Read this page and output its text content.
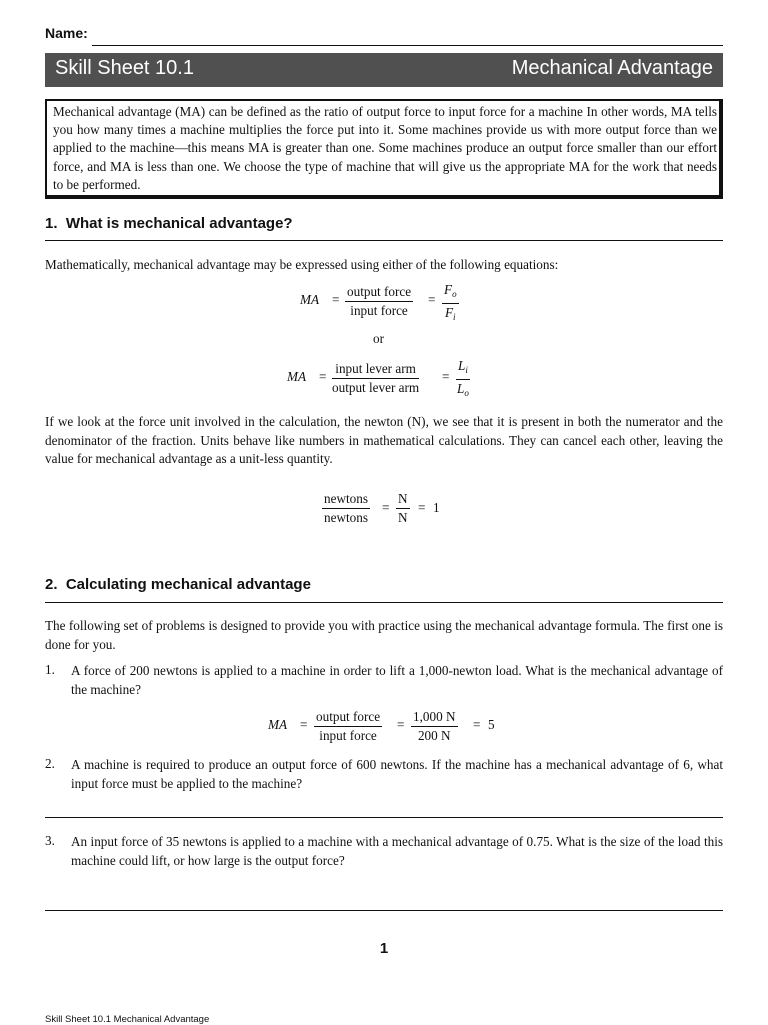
Name:
Skill Sheet 10.1	Mechanical Advantage
Mechanical advantage (MA) can be defined as the ratio of output force to input force for a machine In other words, MA tells you how many times a machine multiplies the force put into it. Some machines provide us with more output force than we applied to the machine—this means MA is greater than one. Some machines produce an output force smaller than our effort force, and MA is less than one. We choose the type of machine that will give us the appropriate MA for the work that needs to be performed.
1.  What is mechanical advantage?
Mathematically, mechanical advantage may be expressed using either of the following equations:
MA =
output force
input force
= $\frac{F_o}{F_i}$
or
MA =
input lever arm
output lever arm
= $\frac{L_i}{L_o}$
If we look at the force unit involved in the calculation, the newton (N), we see that it is present in both the numerator and the denominator of the fraction. Units behave like numbers in mathematical calculations. They can cancel each other, leaving the value for mechanical advantage as a unit-less quantity.
newtons
newtons
= $\frac{N}{N} = 1$
2.  Calculating mechanical advantage
The following set of problems is designed to provide you with practice using the mechanical advantage formula. The first one is done for you.
1. A force of 200 newtons is applied to a machine in order to lift a 1,000-newton load. What is the mechanical advantage of the machine?
MA =
output force
input force
= $\frac{1,000 N}{200 N} = 5$
2. A machine is required to produce an output force of 600 newtons. If the machine has a mechanical advantage of 6, what input force must be applied to the machine?
3. An input force of 35 newtons is applied to a machine with a mechanical advantage of 0.75. What is the size of the load this machine could lift, or how large is the output force?
1
Skill Sheet 10.1 Mechanical Advantage
